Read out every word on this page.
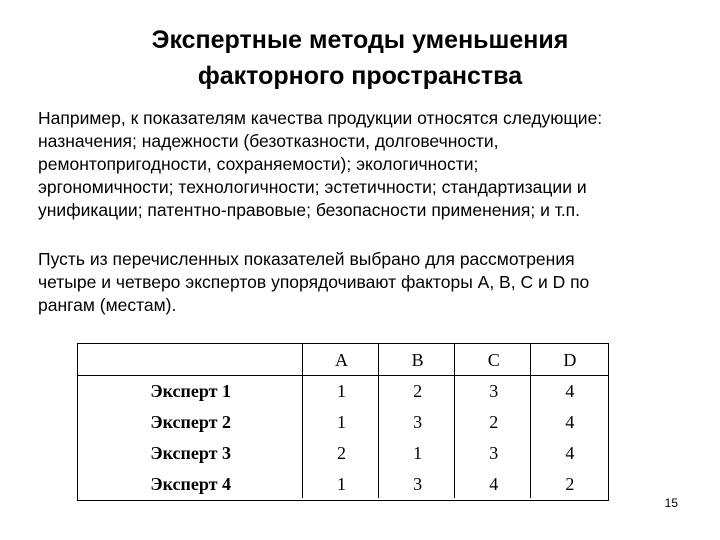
Экспертные методы уменьшения
факторного пространства
Например, к показателям качества продукции относятся следующие:
назначения; надежности (безотказности, долговечности,
ремонтопригодности, сохраняемости); экологичности;
эргономичности; технологичности; эстетичности; стандартизации и
унификации; патентно-правовые; безопасности применения; и т.п.
Пусть из перечисленных показателей выбрано для рассмотрения
четыре и четверо экспертов упорядочивают факторы A, B, C и D по
рангам (местам).
	A	B	C	D
Эксперт 1	1	2	3	4
Эксперт 2	1	3	2	4
Эксперт 3	2	1	3	4
Эксперт 4	1	3	4	2
15
